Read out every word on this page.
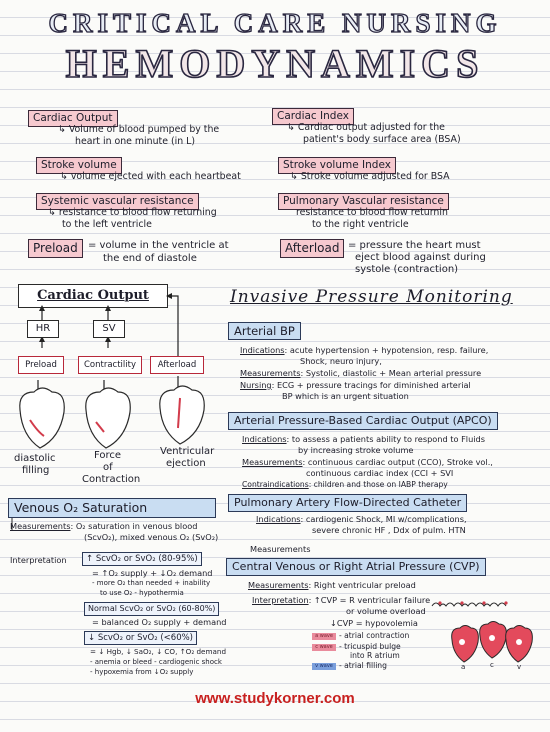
CRITICAL CARE NURSING
HEMODYNAMICS
Cardiac Output
↳ Volume of blood pumped by the
heart in one minute (in L)
Stroke volume
↳ volume ejected with each heartbeat
Systemic vascular resistance
↳ resistance to blood flow returning
to the left ventricle
Preload	= volume in the ventricle at
the end of diastole
Cardiac Index
↳ Cardiac output adjusted for the
patient's body surface area (BSA)
Stroke volume Index
↳ Stroke volume adjusted for BSA
Pulmonary Vascular resistance
resistance to blood flow returnin
to the right ventricle
Afterload = pressure the heart must
eject blood against during
systole (contraction)
Cardiac Output
HR	SV
Preload	Contractility	Afterload
diastolic
filling
Force
of
Contraction
Ventricular
ejection
Invasive Pressure Monitoring
Arterial BP
Indications: acute hypertension + hypotension, resp. failure,
Shock, neuro injury,
Measurements: Systolic, diastolic + Mean arterial pressure
Nursing: ECG + pressure tracings for diminished arterial
BP which is an urgent situation
Arterial Pressure-Based Cardiac Output (APCO)
Indications: to assess a patients ability to respond to Fluids
by increasing stroke volume
Measurements: continuous cardiac output (CCO), Stroke vol.,
continuous cardiac index (CCI + SVI
Contraindications: children and those on IABP therapy
Pulmonary Artery Flow-Directed Catheter
Indications: cardiogenic Shock, MI w/complications,
severe chronic HF , Ddx of pulm. HTN
Measurements
Central Venous or Right Atrial Pressure (CVP)
Measurements: Right ventricular preload
Interpretation: ↑CVP = R ventricular failure
or volume overload
↓CVP = hypovolemia
a wave - atrial contraction
c wave - tricuspid bulge
into R atrium
v wave - atrial filling	a	c	v
Venous O₂ Saturation
Measurements: O₂ saturation in venous blood
(ScvO₂), mixed venous O₂ (SvO₂)
Interpretation	↑ ScvO₂ or SvO₂ (80-95%)
= ↑O₂ supply + ↓O₂ demand
- more O₂ than needed + inability
to use O₂ - hypothermia
Normal ScvO₂ or SvO₂ (60-80%)
= balanced O₂ supply + demand
↓ ScvO₂ or SvO₂ (<60%)
= ↓ Hgb, ↓ SaO₂, ↓ CO, ↑O₂ demand
- anemia or bleed - cardiogenic shock
- hypoxemia from ↓O₂ supply
www.studykorner.com
